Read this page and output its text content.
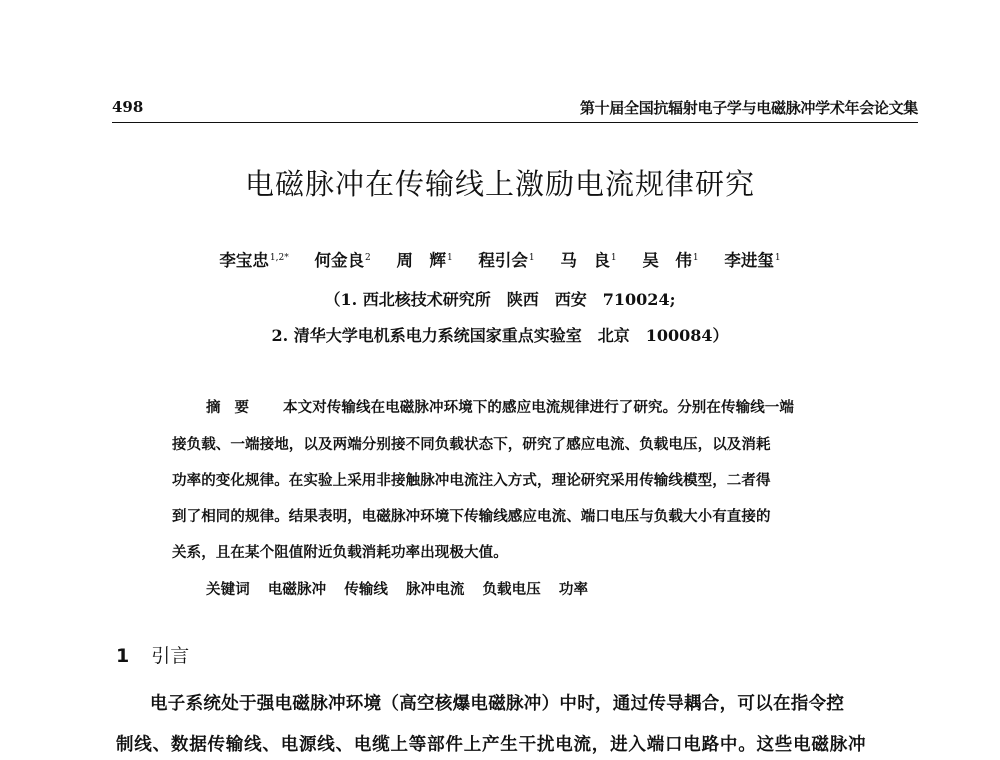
498	第十届全国抗辐射电子学与电磁脉冲学术年会论文集
电磁脉冲在传输线上激励电流规律研究
李宝忠$^{1,2*}$ 何金良$^2$ 周　辉$^1$ 程引会$^1$ 马　良$^1$ 吴　伟$^1$ 李进玺$^1$
（1. 西北核技术研究所　陕西　西安　710024;
2. 清华大学电机系电力系统国家重点实验室　北京　100084）
摘要 本文对传输线在电磁脉冲环境下的感应电流规律进行了研究。分别在传输线一端
接负载、一端接地，以及两端分别接不同负载状态下，研究了感应电流、负载电压，以及消耗
功率的变化规律。在实验上采用非接触脉冲电流注入方式，理论研究采用传输线模型，二者得
到了相同的规律。结果表明，电磁脉冲环境下传输线感应电流、端口电压与负载大小有直接的
关系，且在某个阻值附近负载消耗功率出现极大值。
关键词 电磁脉冲 传输线 脉冲电流 负载电压 功率
1 引言
电子系统处于强电磁脉冲环境（高空核爆电磁脉冲）中时，通过传导耦合，可以在指令控
制线、数据传输线、电源线、电缆上等部件上产生干扰电流，进入端口电路中。这些电磁脉冲
